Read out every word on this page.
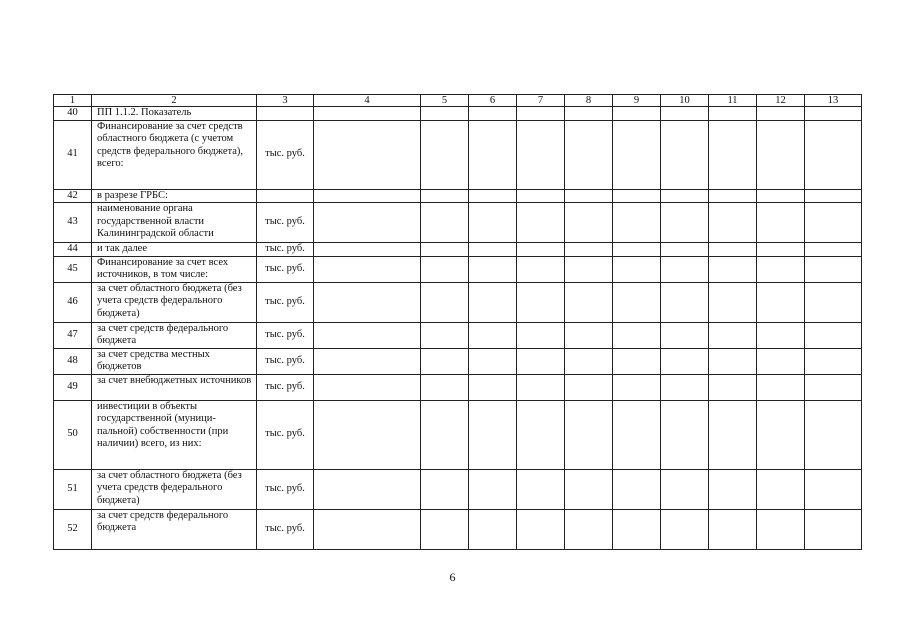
1	2	3	4	5	6	7	8	9	10	11	12	13
40	ПП 1.1.2. Показатель											
41	Финансирование за счет средств областного бюджета (с учетом средств федерального бюджета), всего:	тыс. руб.										
42	в разрезе ГРБС:											
43	наименование органа государственной власти Калининградской области	тыс. руб.										
44	и так далее	тыс. руб.										
45	Финансирование за счет всех источников, в том числе:	тыс. руб.										
46	за счет областного бюджета (без учета средств федерального бюджета)	тыс. руб.										
47	за счет средств федерального бюджета	тыс. руб.										
48	за счет средства местных бюджетов	тыс. руб.										
49	за счет внебюджетных источников	тыс. руб.										
50	инвестиции в объекты государственной (муници-пальной) собственности (при наличии) всего, из них:	тыс. руб.										
51	за счет областного бюджета (без учета средств федерального бюджета)	тыс. руб.										
52	за счет средств федерального бюджета	тыс. руб.										
6
